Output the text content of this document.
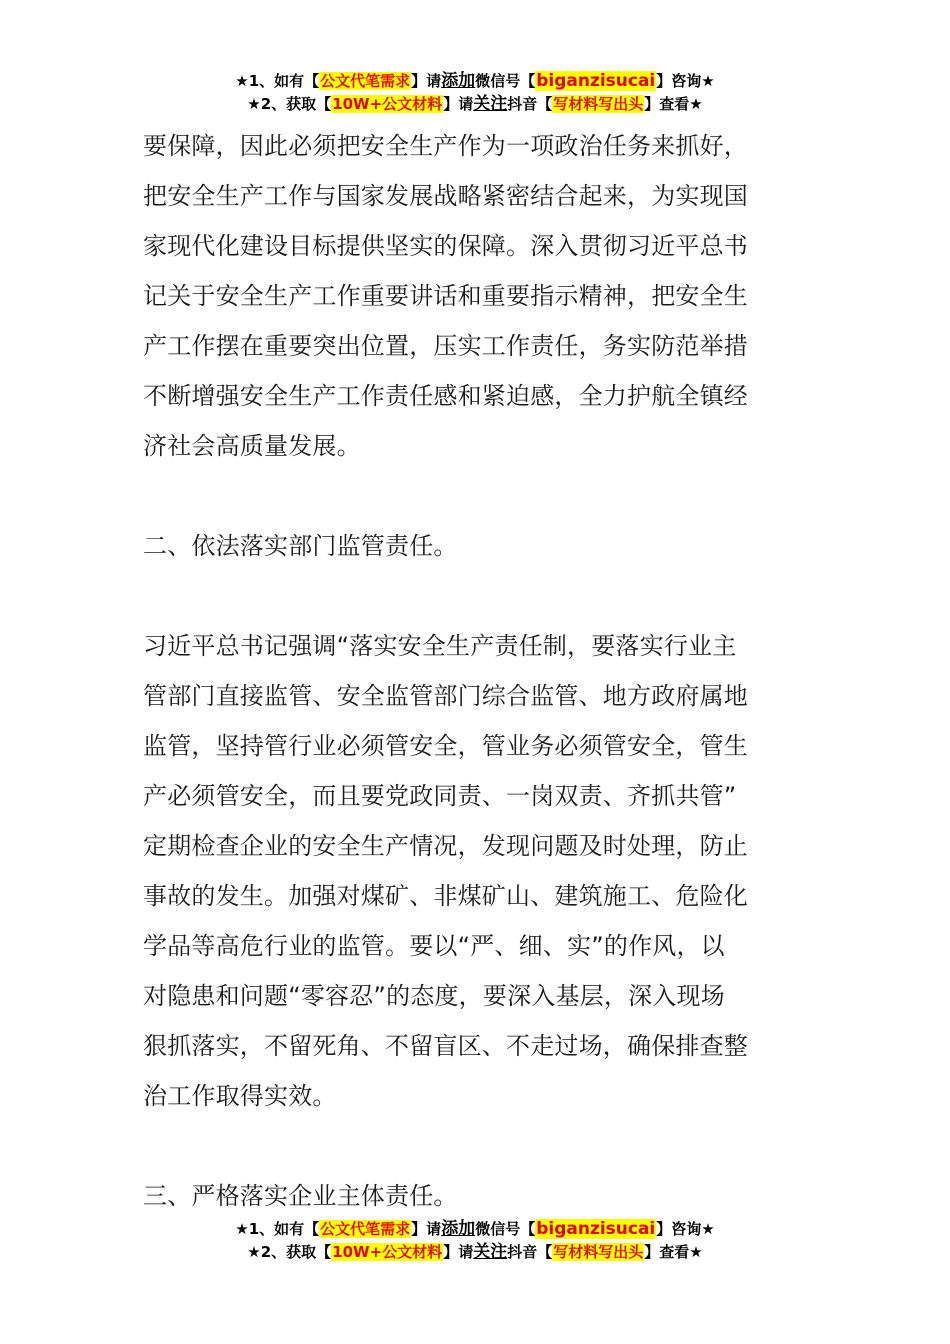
★1、如有【公文代笔需求】请添加微信号【biganzisucai】咨询★
★2、获取【10W+公文材料】请关注抖音【写材料写出头】查看★
要保障，因此必须把安全生产作为一项政治任务来抓好，
把安全生产工作与国家发展战略紧密结合起来，为实现国
家现代化建设目标提供坚实的保障。深入贯彻习近平总书
记关于安全生产工作重要讲话和重要指示精神，把安全生
产工作摆在重要突出位置，压实工作责任，务实防范举措
不断增强安全生产工作责任感和紧迫感，全力护航全镇经
济社会高质量发展。
二、依法落实部门监管责任。
习近平总书记强调“落实安全生产责任制，要落实行业主
管部门直接监管、安全监管部门综合监管、地方政府属地
监管，坚持管行业必须管安全，管业务必须管安全，管生
产必须管安全，而且要党政同责、一岗双责、齐抓共管”
定期检查企业的安全生产情况，发现问题及时处理，防止
事故的发生。加强对煤矿、非煤矿山、建筑施工、危险化
学品等高危行业的监管。要以“严、细、实”的作风，以
对隐患和问题“零容忍”的态度，要深入基层，深入现场
狠抓落实，不留死角、不留盲区、不走过场，确保排查整
治工作取得实效。
三、严格落实企业主体责任。
★1、如有【公文代笔需求】请添加微信号【biganzisucai】咨询★
★2、获取【10W+公文材料】请关注抖音【写材料写出头】查看★
